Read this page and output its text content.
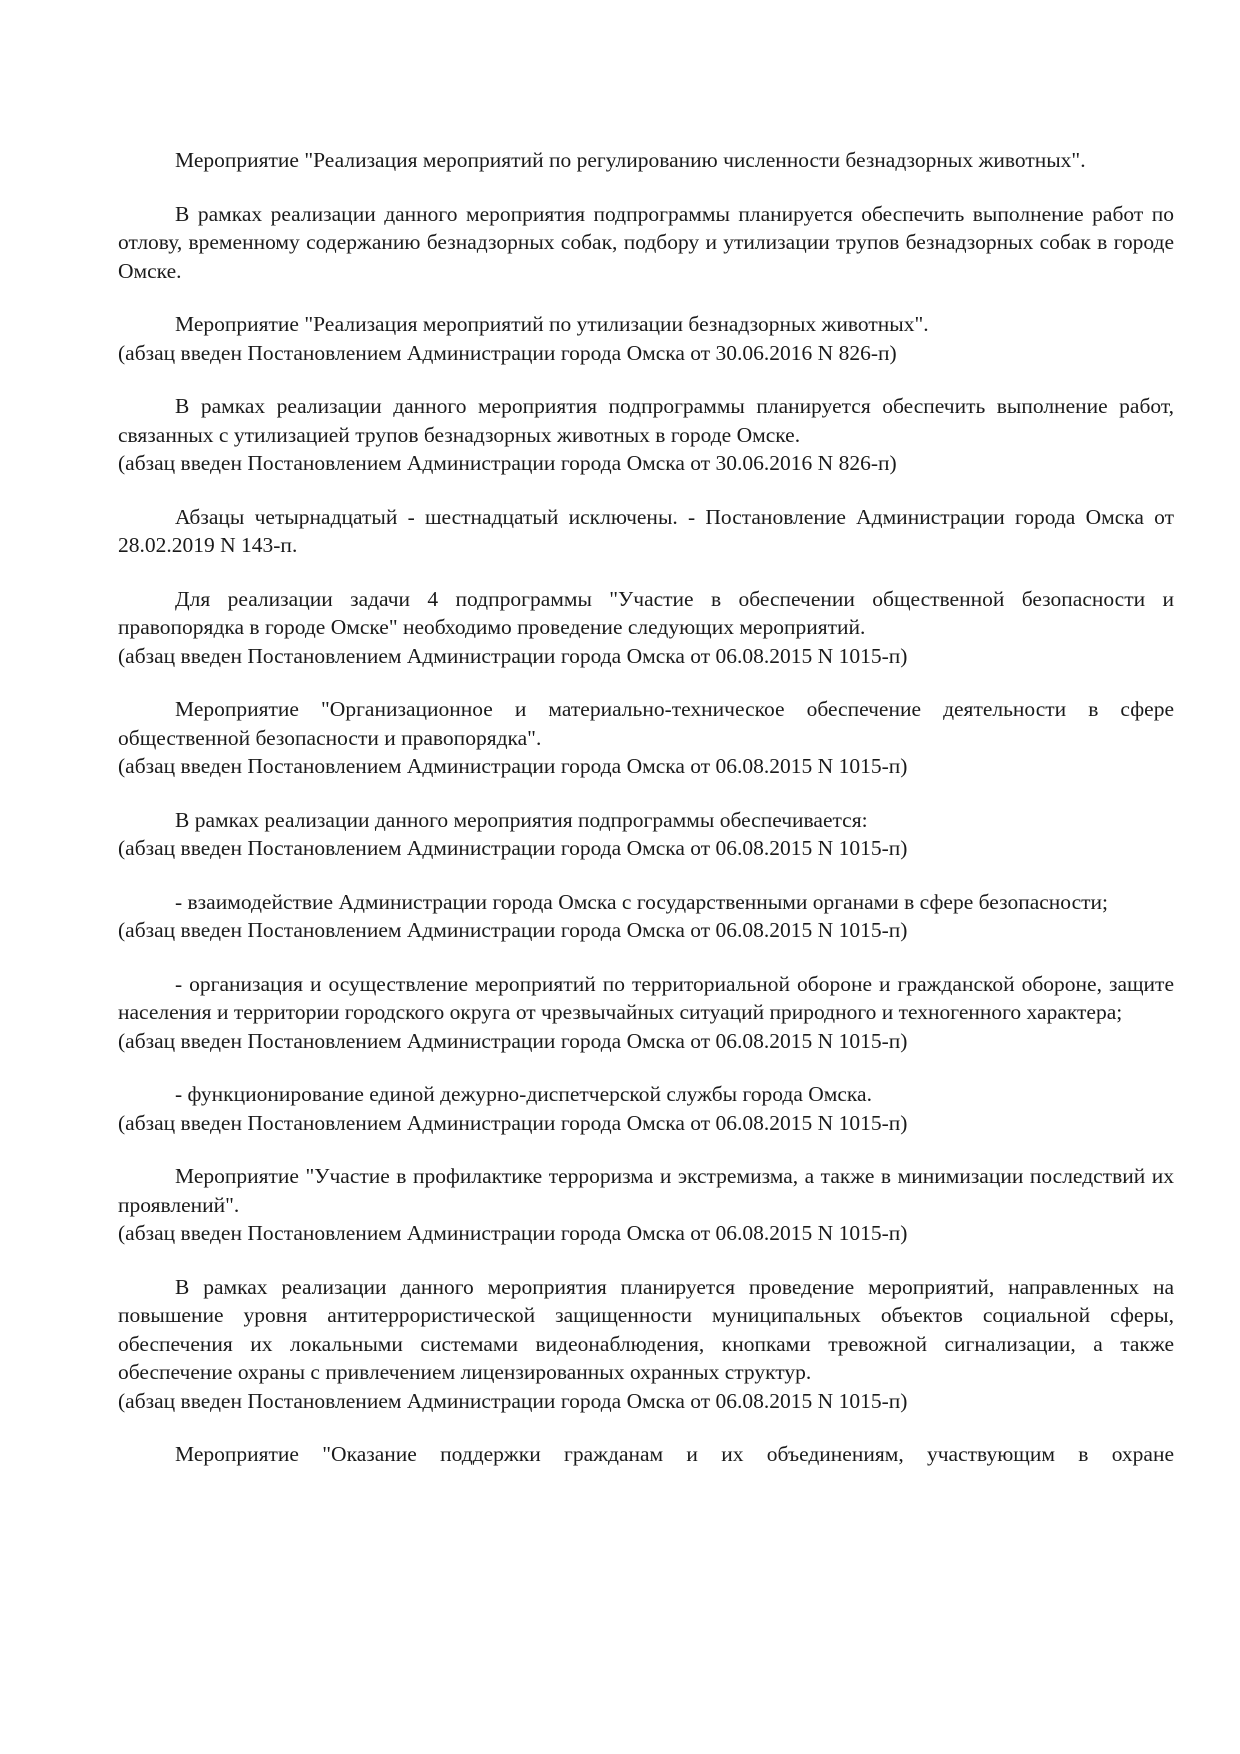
Мероприятие "Реализация мероприятий по регулированию численности безнадзорных животных".

В рамках реализации данного мероприятия подпрограммы планируется обеспечить выполнение работ по отлову, временному содержанию безнадзорных собак, подбору и утилизации трупов безнадзорных собак в городе Омске.

Мероприятие "Реализация мероприятий по утилизации безнадзорных животных".

(абзац введен Постановлением Администрации города Омска от 30.06.2016 N 826-п)

В рамках реализации данного мероприятия подпрограммы планируется обеспечить выполнение работ, связанных с утилизацией трупов безнадзорных животных в городе Омске.

(абзац введен Постановлением Администрации города Омска от 30.06.2016 N 826-п)

Абзацы четырнадцатый - шестнадцатый исключены. - Постановление Администрации города Омска от 28.02.2019 N 143-п.

Для реализации задачи 4 подпрограммы "Участие в обеспечении общественной безопасности и правопорядка в городе Омске" необходимо проведение следующих мероприятий.

(абзац введен Постановлением Администрации города Омска от 06.08.2015 N 1015-п)

Мероприятие "Организационное и материально-техническое обеспечение деятельности в сфере общественной безопасности и правопорядка".

(абзац введен Постановлением Администрации города Омска от 06.08.2015 N 1015-п)

В рамках реализации данного мероприятия подпрограммы обеспечивается:

(абзац введен Постановлением Администрации города Омска от 06.08.2015 N 1015-п)

- взаимодействие Администрации города Омска с государственными органами в сфере безопасности;

(абзац введен Постановлением Администрации города Омска от 06.08.2015 N 1015-п)

- организация и осуществление мероприятий по территориальной обороне и гражданской обороне, защите населения и территории городского округа от чрезвычайных ситуаций природного и техногенного характера;

(абзац введен Постановлением Администрации города Омска от 06.08.2015 N 1015-п)

- функционирование единой дежурно-диспетчерской службы города Омска.

(абзац введен Постановлением Администрации города Омска от 06.08.2015 N 1015-п)

Мероприятие "Участие в профилактике терроризма и экстремизма, а также в минимизации последствий их проявлений".

(абзац введен Постановлением Администрации города Омска от 06.08.2015 N 1015-п)

В рамках реализации данного мероприятия планируется проведение мероприятий, направленных на повышение уровня антитеррористической защищенности муниципальных объектов социальной сферы, обеспечения их локальными системами видеонаблюдения, кнопками тревожной сигнализации, а также обеспечение охраны с привлечением лицензированных охранных структур.

(абзац введен Постановлением Администрации города Омска от 06.08.2015 N 1015-п)

Мероприятие "Оказание поддержки гражданам и их объединениям, участвующим в охране
